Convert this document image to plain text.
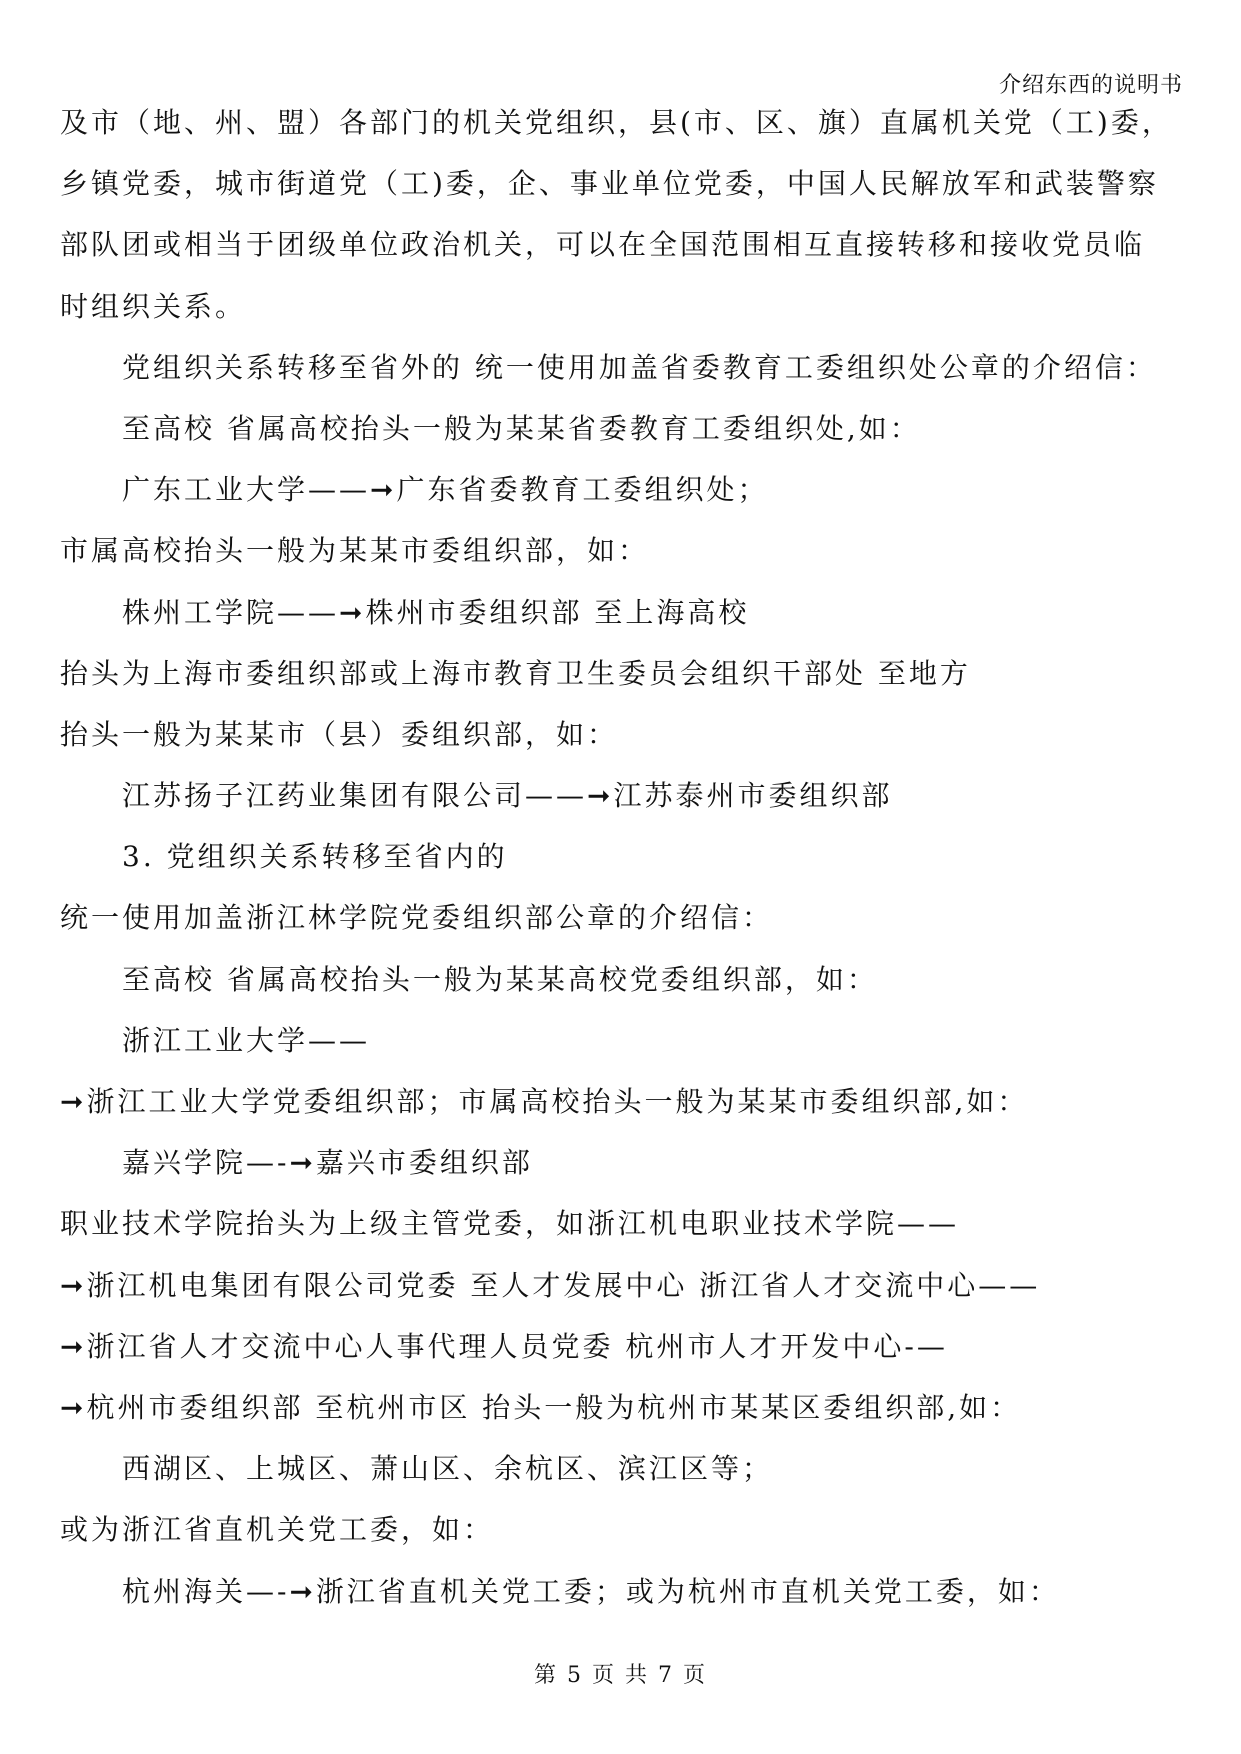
介绍东西的说明书
及市（地、州、盟）各部门的机关党组织，县(市、区、旗）直属机关党（工)委，
乡镇党委，城市街道党（工)委，企、事业单位党委，中国人民解放军和武装警察
部队团或相当于团级单位政治机关，可以在全国范围相互直接转移和接收党员临
时组织关系。
党组织关系转移至省外的 统一使用加盖省委教育工委组织处公章的介绍信：
至高校 省属高校抬头一般为某某省委教育工委组织处,如：
广东工业大学——➞广东省委教育工委组织处；
市属高校抬头一般为某某市委组织部，如：
株州工学院——➞株州市委组织部 至上海高校
抬头为上海市委组织部或上海市教育卫生委员会组织干部处 至地方
抬头一般为某某市（县）委组织部，如：
江苏扬子江药业集团有限公司——➞江苏泰州市委组织部
3. 党组织关系转移至省内的
统一使用加盖浙江林学院党委组织部公章的介绍信：
至高校 省属高校抬头一般为某某高校党委组织部，如：
浙江工业大学——
➞浙江工业大学党委组织部；市属高校抬头一般为某某市委组织部,如：
嘉兴学院—-➞嘉兴市委组织部
职业技术学院抬头为上级主管党委，如浙江机电职业技术学院——
➞浙江机电集团有限公司党委 至人才发展中心 浙江省人才交流中心——
➞浙江省人才交流中心人事代理人员党委 杭州市人才开发中心-—
➞杭州市委组织部 至杭州市区 抬头一般为杭州市某某区委组织部,如：
西湖区、上城区、萧山区、余杭区、滨江区等；
或为浙江省直机关党工委，如：
杭州海关—-➞浙江省直机关党工委；或为杭州市直机关党工委，如：
第 5 页 共 7 页
